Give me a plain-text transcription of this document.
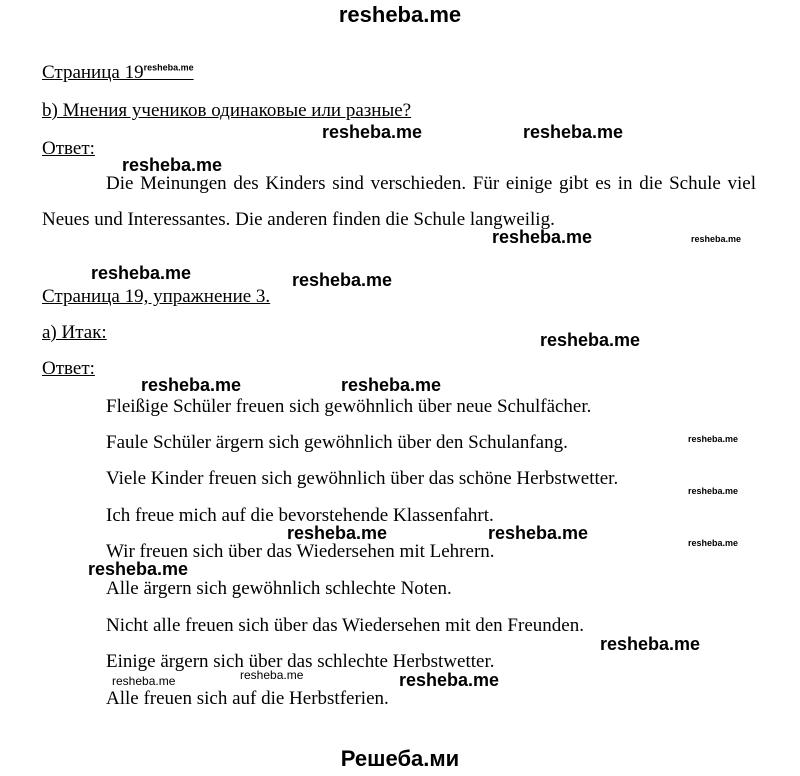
resheba.me
Страница $19^{resheba.me}$
b) Мнения учеников одинаковые или разные?
Ответ:
Die Meinungen des Kinders sind verschieden. Für einige gibt es in die Schule viel Neues und Interessantes. Die anderen finden die Schule langweilig.
Страница 19, упражнение 3.
a) Итак:
Ответ:
Fleißige Schüler freuen sich gewöhnlich über neue Schulfächer.
Faule Schüler ärgern sich gewöhnlich über den Schulanfang.
Viele Kinder freuen sich gewöhnlich über das schöne Herbstwetter.
Ich freue mich auf die bevorstehende Klassenfahrt.
Wir freuen sich über das Wiedersehen mit Lehrern.
Alle ärgern sich gewöhnlich schlechte Noten.
Nicht alle freuen sich über das Wiedersehen mit den Freunden.
Einige ärgern sich über das schlechte Herbstwetter.
Alle freuen sich auf die Herbstferien.
resheba.me	resheba.me
resheba.me
resheba.me	resheba.me
resheba.me	resheba.me
resheba.me
resheba.me	resheba.me
resheba.me
resheba.me
resheba.me	resheba.me	resheba.me
resheba.me
resheba.me
resheba.me	resheba.me	resheba.me
Решеба.ми
